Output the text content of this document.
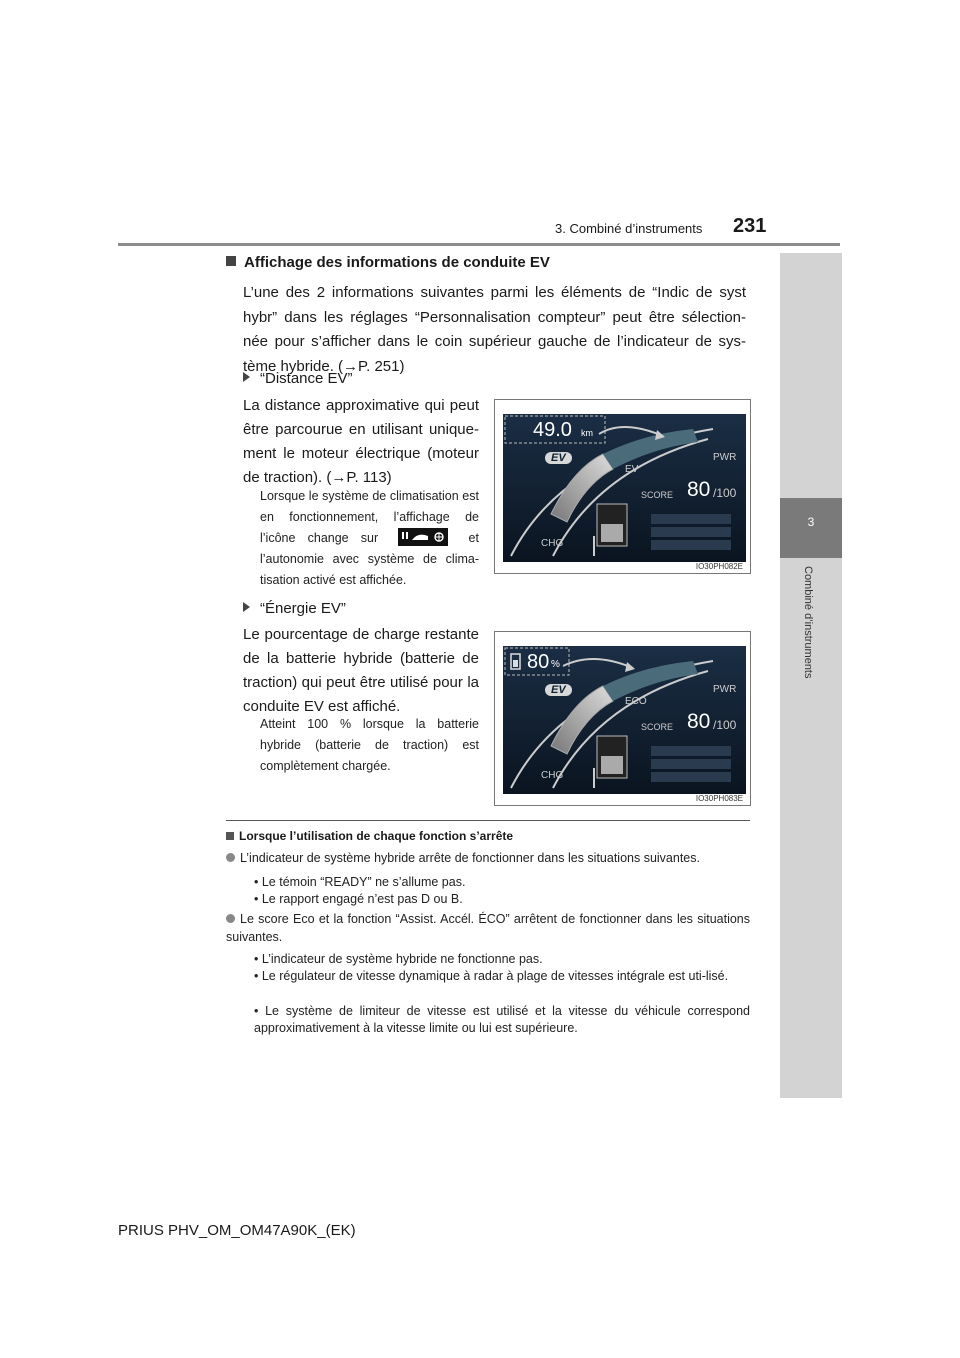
3. Combiné d’instruments 231
3
Combiné d’instruments
Affichage des informations de conduite EV
L’une des 2 informations suivantes parmi les éléments de “Indic de syst hybr” dans les réglages “Personnalisation compteur” peut être sélection-née pour s’afficher dans le coin supérieur gauche de l’indicateur de sys-tème hybride. (→P. 251)
“Distance EV”
La distance approximative qui peut être parcourue en utilisant unique-ment le moteur électrique (moteur de traction). (→P. 113)
Lorsque le système de climatisation est en fonctionnement, l’affichage de l’icône change sur	et l’autonomie avec système de clima-tisation activé est affichée.
49.0 km
EV
EV
PWR
SCORE 80 /100
CHG
IO30PH082E
“Énergie EV”
Le pourcentage de charge restante de la batterie hybride (batterie de traction) qui peut être utilisé pour la conduite EV est affiché.
Atteint 100 % lorsque la batterie hybride (batterie de traction) est complètement chargée.
80 %
EV
ECO
PWR
SCORE 80 /100
CHG
IO30PH083E
Lorsque l’utilisation de chaque fonction s’arrête
L’indicateur de système hybride arrête de fonctionner dans les situations suivantes.
• Le témoin “READY” ne s’allume pas.
• Le rapport engagé n’est pas D ou B.
Le score Eco et la fonction “Assist. Accél. ÉCO” arrêtent de fonctionner dans les situations suivantes.
• L’indicateur de système hybride ne fonctionne pas.
• Le régulateur de vitesse dynamique à radar à plage de vitesses intégrale est uti-lisé.
• Le système de limiteur de vitesse est utilisé et la vitesse du véhicule correspond approximativement à la vitesse limite ou lui est supérieure.
PRIUS PHV_OM_OM47A90K_(EK)
